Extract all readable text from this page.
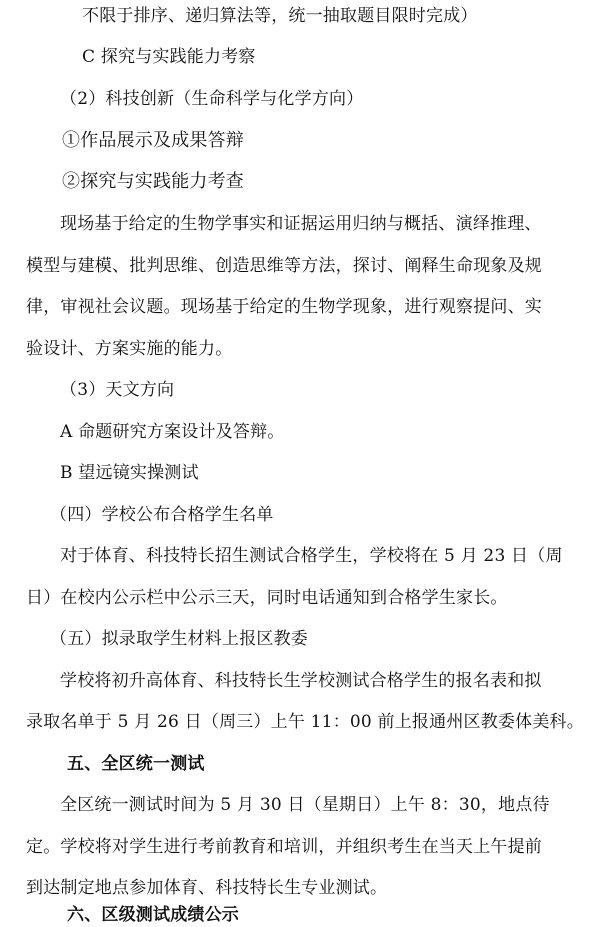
不限于排序、递归算法等，统一抽取题目限时完成）
C 探究与实践能力考察
（2）科技创新（生命科学与化学方向）
①作品展示及成果答辩
②探究与实践能力考查
现场基于给定的生物学事实和证据运用归纳与概括、演绎推理、
模型与建模、批判思维、创造思维等方法，探讨、阐释生命现象及规
律，审视社会议题。现场基于给定的生物学现象，进行观察提问、实
验设计、方案实施的能力。
（3）天文方向
A 命题研究方案设计及答辩。
B 望远镜实操测试
（四）学校公布合格学生名单
对于体育、科技特长招生测试合格学生，学校将在 5 月 23 日（周
日）在校内公示栏中公示三天，同时电话通知到合格学生家长。
（五）拟录取学生材料上报区教委
学校将初升高体育、科技特长生学校测试合格学生的报名表和拟
录取名单于 5 月 26 日（周三）上午 11：00 前上报通州区教委体美科。
五、全区统一测试
全区统一测试时间为 5 月 30 日（星期日）上午 8：30，地点待
定。学校将对学生进行考前教育和培训，并组织考生在当天上午提前
到达制定地点参加体育、科技特长生专业测试。
六、区级测试成绩公示
